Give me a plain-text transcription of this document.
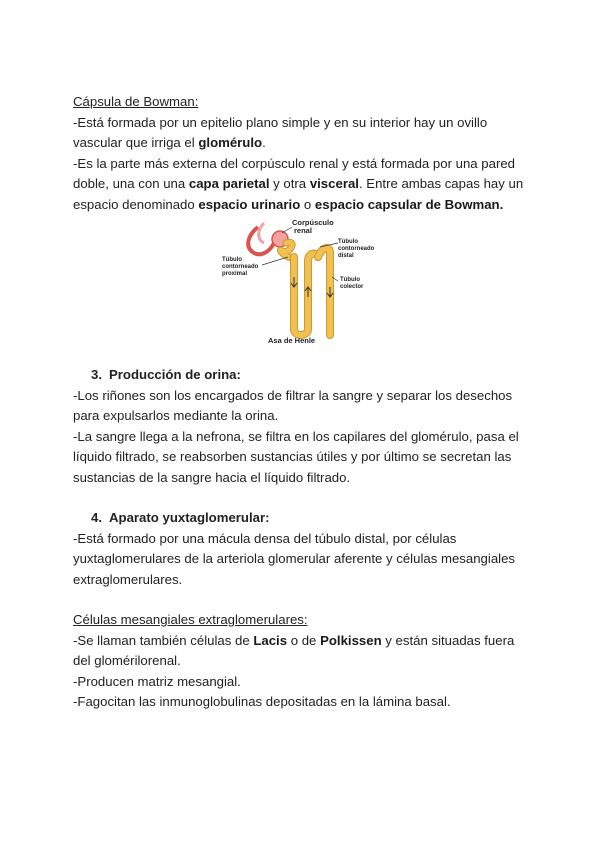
Cápsula de Bowman:

-Está formada por un epitelio plano simple y en su interior hay un ovillo

vascular que irriga el glomérulo.

-Es la parte más externa del corpúsculo renal y está formada por una pared

doble, una con una capa parietal y otra visceral. Entre ambas capas hay un

espacio denominado espacio urinario o espacio capsular de Bowman.

Corpúsculo
renal
Túbulo
contorneado
distal
Túbulo
contorneado
proximal
Túbulo
colector
Asa de Henle

3. Producción de orina:

-Los riñones son los encargados de filtrar la sangre y separar los desechos

para expulsarlos mediante la orina.

-La sangre llega a la nefrona, se filtra en los capilares del glomérulo, pasa el

líquido filtrado, se reabsorben sustancias útiles y por último se secretan las

sustancias de la sangre hacia el líquido filtrado.

4. Aparato yuxtaglomerular:

-Está formado por una mácula densa del túbulo distal, por células

yuxtaglomerulares de la arteriola glomerular aferente y células mesangiales

extraglomerulares.

Células mesangiales extraglomerulares:

-Se llaman también células de Lacis o de Polkissen y están situadas fuera

del glomérilorenal.

-Producen matriz mesangial.

-Fagocitan las inmunoglobulinas depositadas en la lámina basal.
